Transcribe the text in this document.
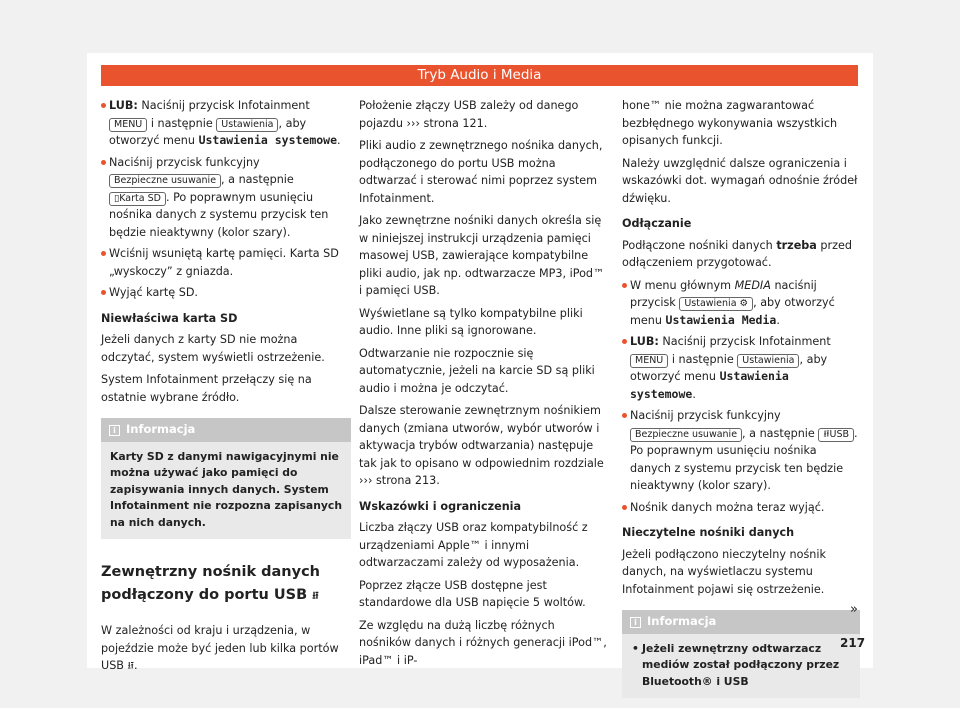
Tryb Audio i Media
LUB: Naciśnij przycisk Infotainment MENU i następnie Ustawienia , aby otworzyć menu Ustawienia systemowe.
Naciśnij przycisk funkcyjny Bezpieczne usuwanie , a następnie ▯Karta SD . Po poprawnym usunięciu nośnika danych z systemu przycisk ten będzie nieaktywny (kolor szary).
Wciśnij wsuniętą kartę pamięci. Karta SD „wyskoczy” z gniazda.
Wyjąć kartę SD.
Niewłaściwa karta SD

Jeżeli danych z karty SD nie można odczytać, system wyświetli ostrzeżenie.

System Infotainment przełączy się na ostatnie wybrane źródło.

i Informacja
Karty SD z danymi nawigacyjnymi nie można używać jako pamięci do zapisywania innych danych. System Infotainment nie rozpozna zapisanych na nich danych.
Zewnętrzny nośnik danych podłączony do portu USB ⭿

W zależności od kraju i urządzenia, w pojeździe może być jeden lub kilka portów USB ⭿.

Położenie złączy USB zależy od danego pojazdu ››› strona 121.

Pliki audio z zewnętrznego nośnika danych, podłączonego do portu USB można odtwarzać i sterować nimi poprzez system Infotainment.

Jako zewnętrzne nośniki danych określa się w niniejszej instrukcji urządzenia pamięci masowej USB, zawierające kompatybilne pliki audio, jak np. odtwarzacze MP3, iPod™ i pamięci USB.

Wyświetlane są tylko kompatybilne pliki audio. Inne pliki są ignorowane.

Odtwarzanie nie rozpocznie się automatycznie, jeżeli na karcie SD są pliki audio i można je odczytać.

Dalsze sterowanie zewnętrznym nośnikiem danych (zmiana utworów, wybór utworów i aktywacja trybów odtwarzania) następuje tak jak to opisano w odpowiednim rozdziale ››› strona 213.

Wskazówki i ograniczenia

Liczba złączy USB oraz kompatybilność z urządzeniami Apple™ i innymi odtwarzaczami zależy od wyposażenia.

Poprzez złącze USB dostępne jest standardowe dla USB napięcie 5 woltów.

Ze względu na dużą liczbę różnych nośników danych i różnych generacji iPod™, iPad™ i iP-

hone™ nie można zagwarantować bezbłędnego wykonywania wszystkich opisanych funkcji.

Należy uwzględnić dalsze ograniczenia i wskazówki dot. wymagań odnośnie źródeł dźwięku.

Odłączanie

Podłączone nośniki danych trzeba przed odłączeniem przygotować.

W menu głównym MEDIA naciśnij przycisk Ustawienia ⚙ , aby otworzyć menu Ustawienia Media.
LUB: Naciśnij przycisk Infotainment MENU i następnie Ustawienia , aby otworzyć menu Ustawienia systemowe.
Naciśnij przycisk funkcyjny Bezpieczne usuwanie , a następnie ⭿USB . Po poprawnym usunięciu nośnika danych z systemu przycisk ten będzie nieaktywny (kolor szary).
Nośnik danych można teraz wyjąć.
Nieczytelne nośniki danych

Jeżeli podłączono nieczytelny nośnik danych, na wyświetlaczu systemu Infotainment pojawi się ostrzeżenie.

i Informacja
• Jeżeli zewnętrzny odtwarzacz mediów został podłączony przez Bluetooth® i USB
»
217
